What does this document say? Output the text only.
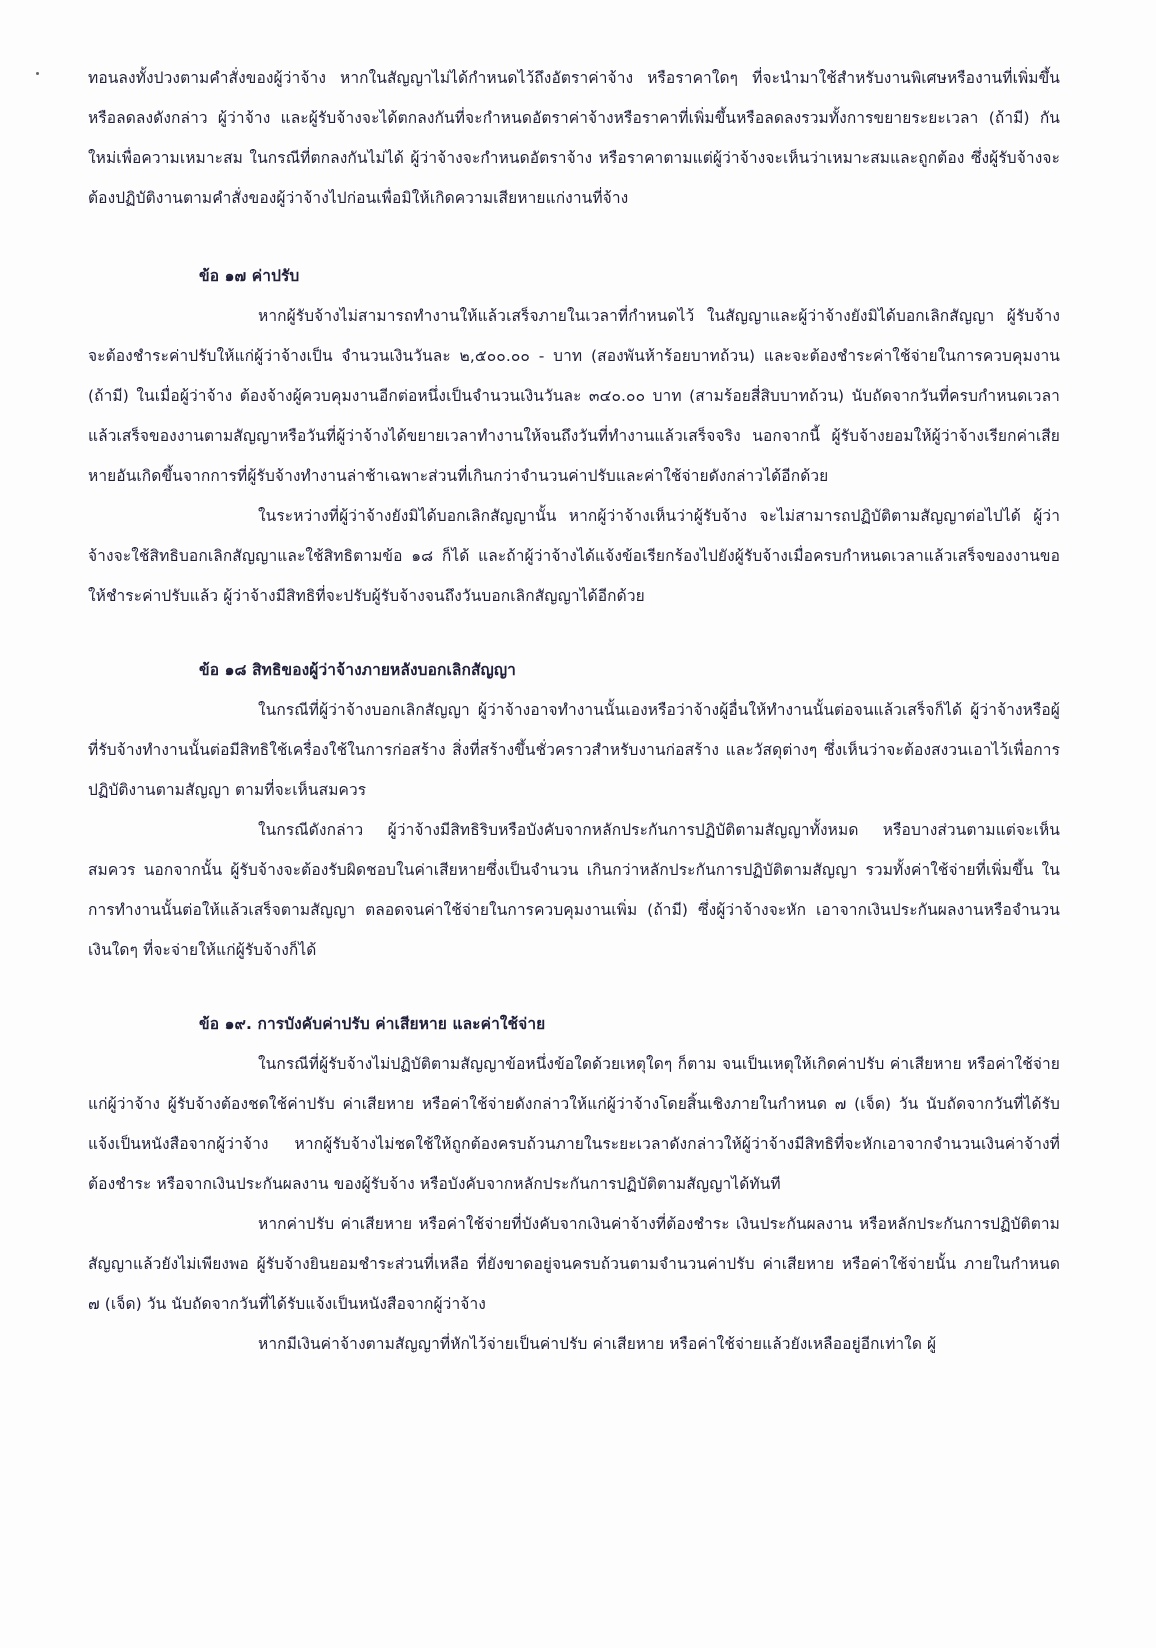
ทอนลงทั้งปวงตามคำสั่งของผู้ว่าจ้าง หากในสัญญาไม่ได้กำหนดไว้ถึงอัตราค่าจ้าง หรือราคาใดๆ ที่จะนำมาใช้สำหรับงานพิเศษหรืองานที่เพิ่มขึ้นหรือลดลงดังกล่าว ผู้ว่าจ้าง และผู้รับจ้างจะได้ตกลงกันที่จะกำหนดอัตราค่าจ้างหรือราคาที่เพิ่มขึ้นหรือลดลงรวมทั้งการขยายระยะเวลา (ถ้ามี) กันใหม่เพื่อความเหมาะสม ในกรณีที่ตกลงกันไม่ได้ ผู้ว่าจ้างจะกำหนดอัตราจ้าง หรือราคาตามแต่ผู้ว่าจ้างจะเห็นว่าเหมาะสมและถูกต้อง ซึ่งผู้รับจ้างจะต้องปฏิบัติงานตามคำสั่งของผู้ว่าจ้างไปก่อนเพื่อมิให้เกิดความเสียหายแก่งานที่จ้าง

ข้อ ๑๗ ค่าปรับ

หากผู้รับจ้างไม่สามารถทำงานให้แล้วเสร็จภายในเวลาที่กำหนดไว้ ในสัญญาและผู้ว่าจ้างยังมิได้บอกเลิกสัญญา ผู้รับจ้างจะต้องชำระค่าปรับให้แก่ผู้ว่าจ้างเป็น จำนวนเงินวันละ ๒,๕๐๐.๐๐ - บาท (สองพันห้าร้อยบาทถ้วน) และจะต้องชำระค่าใช้จ่ายในการควบคุมงาน (ถ้ามี) ในเมื่อผู้ว่าจ้าง ต้องจ้างผู้ควบคุมงานอีกต่อหนึ่งเป็นจำนวนเงินวันละ ๓๔๐.๐๐ บาท (สามร้อยสี่สิบบาทถ้วน) นับถัดจากวันที่ครบกำหนดเวลาแล้วเสร็จของงานตามสัญญาหรือวันที่ผู้ว่าจ้างได้ขยายเวลาทำงานให้จนถึงวันที่ทำงานแล้วเสร็จจริง นอกจากนี้ ผู้รับจ้างยอมให้ผู้ว่าจ้างเรียกค่าเสียหายอันเกิดขึ้นจากการที่ผู้รับจ้างทำงานล่าช้าเฉพาะส่วนที่เกินกว่าจำนวนค่าปรับและค่าใช้จ่ายดังกล่าวได้อีกด้วย

ในระหว่างที่ผู้ว่าจ้างยังมิได้บอกเลิกสัญญานั้น หากผู้ว่าจ้างเห็นว่าผู้รับจ้าง จะไม่สามารถปฏิบัติตามสัญญาต่อไปได้ ผู้ว่าจ้างจะใช้สิทธิบอกเลิกสัญญาและใช้สิทธิตามข้อ ๑๘ ก็ได้ และถ้าผู้ว่าจ้างได้แจ้งข้อเรียกร้องไปยังผู้รับจ้างเมื่อครบกำหนดเวลาแล้วเสร็จของงานขอให้ชำระค่าปรับแล้ว ผู้ว่าจ้างมีสิทธิที่จะปรับผู้รับจ้างจนถึงวันบอกเลิกสัญญาได้อีกด้วย

ข้อ ๑๘ สิทธิของผู้ว่าจ้างภายหลังบอกเลิกสัญญา

ในกรณีที่ผู้ว่าจ้างบอกเลิกสัญญา ผู้ว่าจ้างอาจทำงานนั้นเองหรือว่าจ้างผู้อื่นให้ทำงานนั้นต่อจนแล้วเสร็จก็ได้ ผู้ว่าจ้างหรือผู้ที่รับจ้างทำงานนั้นต่อมีสิทธิใช้เครื่องใช้ในการก่อสร้าง สิ่งที่สร้างขึ้นชั่วคราวสำหรับงานก่อสร้าง และวัสดุต่างๆ ซึ่งเห็นว่าจะต้องสงวนเอาไว้เพื่อการปฏิบัติงานตามสัญญา ตามที่จะเห็นสมควร

ในกรณีดังกล่าว ผู้ว่าจ้างมีสิทธิริบหรือบังคับจากหลักประกันการปฏิบัติตามสัญญาทั้งหมด หรือบางส่วนตามแต่จะเห็นสมควร นอกจากนั้น ผู้รับจ้างจะต้องรับผิดชอบในค่าเสียหายซึ่งเป็นจำนวน เกินกว่าหลักประกันการปฏิบัติตามสัญญา รวมทั้งค่าใช้จ่ายที่เพิ่มขึ้น ในการทำงานนั้นต่อให้แล้วเสร็จตามสัญญา ตลอดจนค่าใช้จ่ายในการควบคุมงานเพิ่ม (ถ้ามี) ซึ่งผู้ว่าจ้างจะหัก เอาจากเงินประกันผลงานหรือจำนวนเงินใดๆ ที่จะจ่ายให้แก่ผู้รับจ้างก็ได้

ข้อ ๑๙. การบังคับค่าปรับ ค่าเสียหาย และค่าใช้จ่าย

ในกรณีที่ผู้รับจ้างไม่ปฏิบัติตามสัญญาข้อหนึ่งข้อใดด้วยเหตุใดๆ ก็ตาม จนเป็นเหตุให้เกิดค่าปรับ ค่าเสียหาย หรือค่าใช้จ่ายแก่ผู้ว่าจ้าง ผู้รับจ้างต้องชดใช้ค่าปรับ ค่าเสียหาย หรือค่าใช้จ่ายดังกล่าวให้แก่ผู้ว่าจ้างโดยสิ้นเชิงภายในกำหนด ๗ (เจ็ด) วัน นับถัดจากวันที่ได้รับแจ้งเป็นหนังสือจากผู้ว่าจ้าง หากผู้รับจ้างไม่ชดใช้ให้ถูกต้องครบถ้วนภายในระยะเวลาดังกล่าวให้ผู้ว่าจ้างมีสิทธิที่จะหักเอาจากจำนวนเงินค่าจ้างที่ต้องชำระ หรือจากเงินประกันผลงาน ของผู้รับจ้าง หรือบังคับจากหลักประกันการปฏิบัติตามสัญญาได้ทันที

หากค่าปรับ ค่าเสียหาย หรือค่าใช้จ่ายที่บังคับจากเงินค่าจ้างที่ต้องชำระ เงินประกันผลงาน หรือหลักประกันการปฏิบัติตามสัญญาแล้วยังไม่เพียงพอ ผู้รับจ้างยินยอมชำระส่วนที่เหลือ ที่ยังขาดอยู่จนครบถ้วนตามจำนวนค่าปรับ ค่าเสียหาย หรือค่าใช้จ่ายนั้น ภายในกำหนด ๗ (เจ็ด) วัน นับถัดจากวันที่ได้รับแจ้งเป็นหนังสือจากผู้ว่าจ้าง

หากมีเงินค่าจ้างตามสัญญาที่หักไว้จ่ายเป็นค่าปรับ ค่าเสียหาย หรือค่าใช้จ่ายแล้วยังเหลืออยู่อีกเท่าใด ผู้
